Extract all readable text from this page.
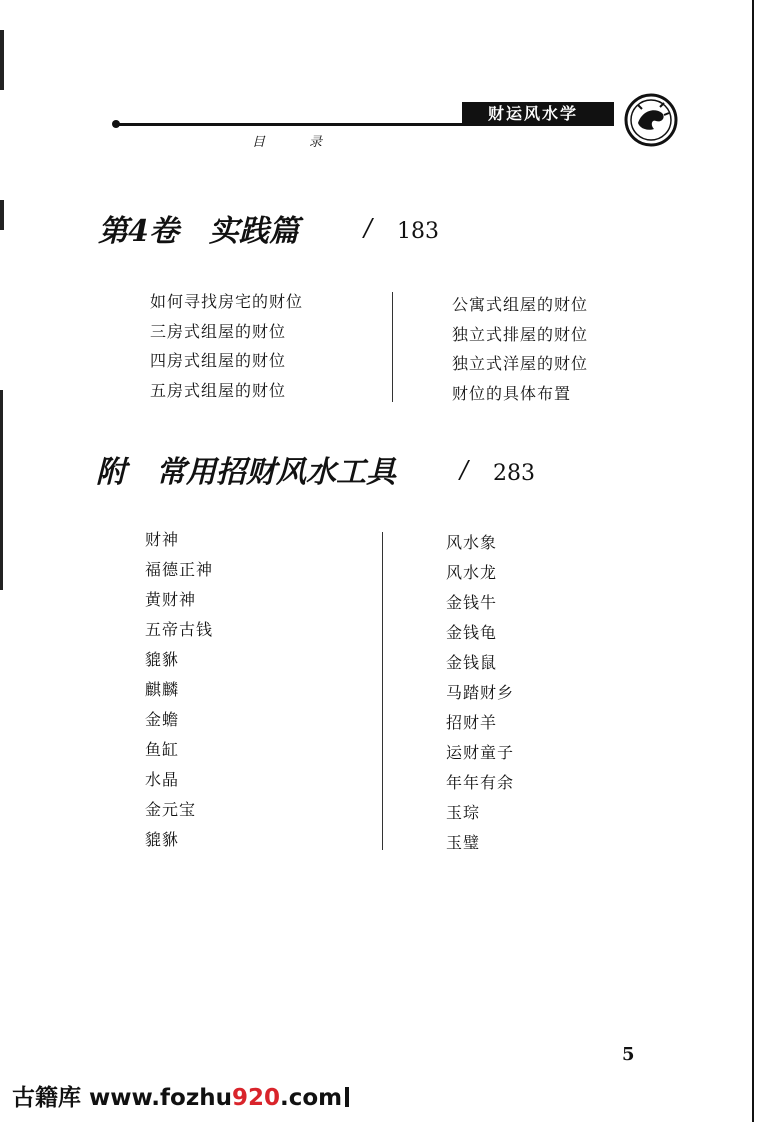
财运风水学
目录
第4卷　实践篇	/ 183
如何寻找房宅的财位
三房式组屋的财位
四房式组屋的财位
五房式组屋的财位
公寓式组屋的财位
独立式排屋的财位
独立式洋屋的财位
财位的具体布置
附　常用招财风水工具	/ 283
财神
福德正神
黄财神
五帝古钱
貔貅
麒麟
金蟾
鱼缸
水晶
金元宝
貔貅
风水象
风水龙
金钱牛
金钱龟
金钱鼠
马踏财乡
招财羊
运财童子
年年有余
玉琮
玉璧
5
古籍库 www.fozhu920.com
